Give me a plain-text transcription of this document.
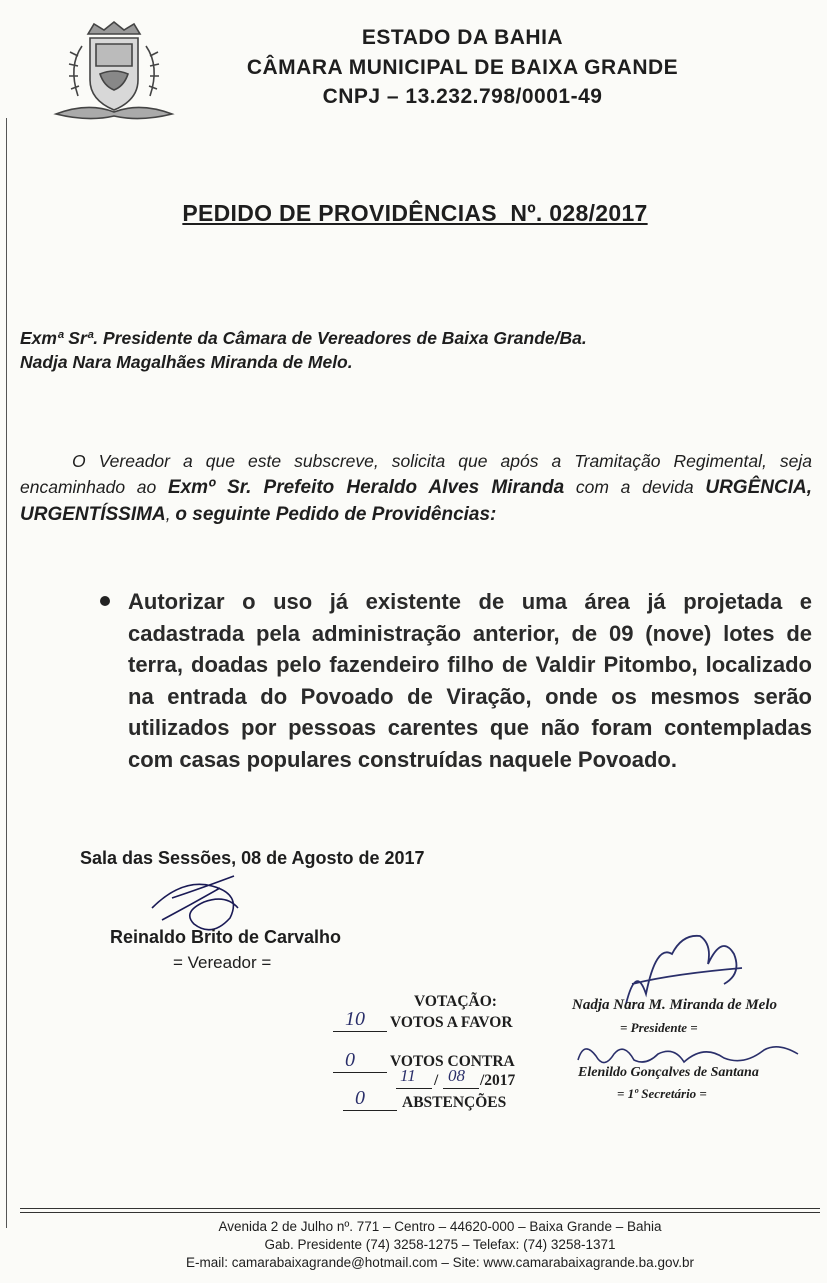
ESTADO DA BAHIA
CÂMARA MUNICIPAL DE BAIXA GRANDE
CNPJ – 13.232.798/0001-49
PEDIDO DE PROVIDÊNCIAS  Nº. 028/2017
Exmª Srª. Presidente da Câmara de Vereadores de Baixa Grande/Ba.
Nadja Nara Magalhães Miranda de Melo.
O Vereador a que este subscreve, solicita que após a Tramitação Regimental, seja encaminhado ao Exmº Sr. Prefeito Heraldo Alves Miranda com a devida URGÊNCIA, URGENTÍSSIMA, o seguinte Pedido de Providências:
Autorizar o uso já existente de uma área já projetada e cadastrada pela administração anterior, de 09 (nove) lotes de terra, doadas pelo fazendeiro filho de Valdir Pitombo, localizado na entrada do Povoado de Viração, onde os mesmos serão utilizados por pessoas carentes que não foram contempladas com casas populares construídas naquele Povoado.
Sala das Sessões, 08 de Agosto de 2017
Reinaldo Brito de Carvalho
= Vereador =
VOTAÇÃO:
10 VOTOS A FAVOR
0 VOTOS CONTRA
11 / 08 /2017
0 ABSTENÇÕES
Nadja Nara M. Miranda de Melo
= Presidente =
Elenildo Gonçalves de Santana
= 1º Secretário =
Avenida 2 de Julho nº. 771 – Centro – 44620-000 – Baixa Grande – Bahia
Gab. Presidente (74) 3258-1275 – Telefax: (74) 3258-1371
E-mail: camarabaixagrande@hotmail.com – Site: www.camarabaixagrande.ba.gov.br
